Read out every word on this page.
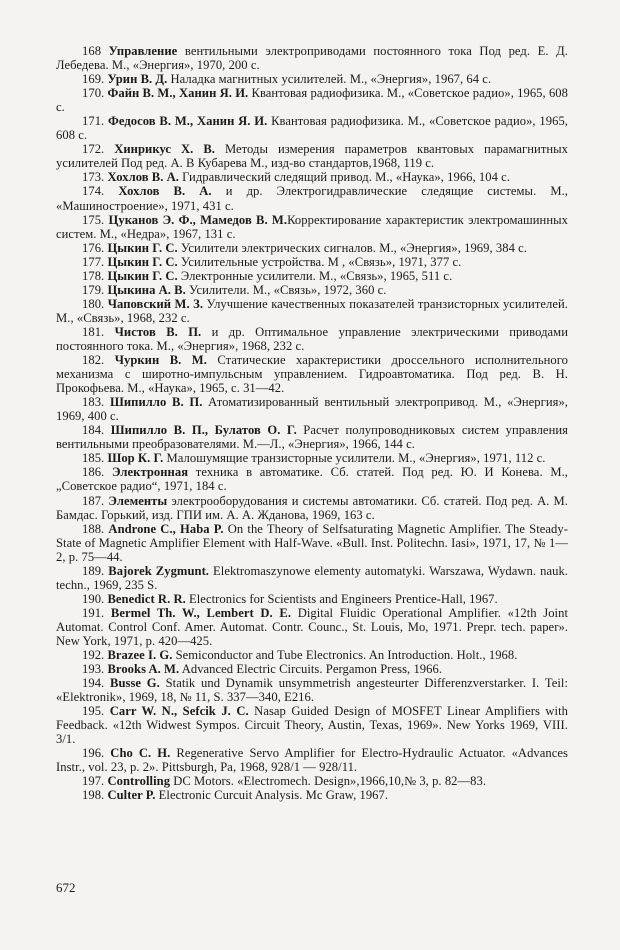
168 Управление вентильными электроприводами постоянного тока Под ред. Е. Д. Лебедева. М., «Энергия», 1970, 200 с.

169. Урин В. Д. Наладка магнитных усилителей. М., «Энергия», 1967, 64 с.

170. Файн В. М., Ханин Я. И. Квантовая радиофизика. М., «Советское радио», 1965, 608 с.

171. Федосов В. М., Ханин Я. И. Квантовая радиофизика. М., «Советское радио», 1965, 608 с.

172. Хинрикус Х. В. Методы измерения параметров квантовых парамагнитных усилителей Под ред. А. В Кубарева М., изд-во стандартов,1968, 119 с.

173. Хохлов В. А. Гидравлический следящий привод. М., «Наука», 1966, 104 с.

174. Хохлов В. А. и др. Электрогидравлические следящие системы. М., «Машиностроение», 1971, 431 с.

175. Цуканов Э. Ф., Мамедов В. М.Корректирование характеристик электромашинных систем. М., «Недра», 1967, 131 с.

176. Цыкин Г. С. Усилители электрических сигналов. М., «Энергия», 1969, 384 с.

177. Цыкин Г. С. Усилительные устройства. М , «Связь», 1971, 377 с.

178. Цыкин Г. С. Электронные усилители. М., «Связь», 1965, 511 с.

179. Цыкина А. В. Усилители. М., «Связь», 1972, 360 с.

180. Чаповский М. З. Улучшение качественных показателей транзисторных усилителей. М., «Связь», 1968, 232 с.

181. Чистов В. П. и др. Оптимальное управление электрическими приводами постоянного тока. М., «Энергия», 1968, 232 с.

182. Чуркин В. М. Статические характеристики дроссельного исполнительного механизма с широтно-импульсным управлением. Гидроавтоматика. Под ред. В. Н. Прокофьева. М., «Наука», 1965, с. 31—42.

183. Шипилло В. П. Атоматизированный вентильный электропривод. М., «Энергия», 1969, 400 с.

184. Шипилло В. П., Булатов О. Г. Расчет полупроводниковых систем управления вентильными преобразователями. М.—Л., «Энергия», 1966, 144 с.

185. Шор К. Г. Малошумящие транзисторные усилители. М., «Энергия», 1971, 112 с.

186. Электронная техника в автоматике. Сб. статей. Под ред. Ю. И Конева. М., „Советское радио“, 1971, 184 с.

187. Элементы электрооборудования и системы автоматики. Сб. статей. Под ред. А. М. Бамдас. Горький, изд. ГПИ им. А. А. Жданова, 1969, 163 с.

188. Androne C., Haba P. On the Theory of Selfsaturating Magnetic Amplifier. The Steady-State of Magnetic Amplifier Element with Half-Wave. «Bull. Inst. Politechn. Iasi», 1971, 17, № 1—2, p. 75—44.

189. Bajorek Zygmunt. Elektromaszynowe elementy automatyki. Warszawa, Wydawn. nauk. techn., 1969, 235 S.

190. Benedict R. R. Electronics for Scientists and Engineers Prentice-Hall, 1967.

191. Bermel Th. W., Lembert D. E. Digital Fluidic Operational Amplifier. «12th Joint Automat. Control Conf. Amer. Automat. Contr. Counc., St. Louis, Mo, 1971. Prepr. tech. paper». New York, 1971, p. 420—425.

192. Brazee I. G. Semiconductor and Tube Electronics. An Introduction. Holt., 1968.

193. Brooks A. M. Advanced Electric Circuits. Pergamon Press, 1966.

194. Busse G. Statik und Dynamik unsymmetrish angesteurter Differenzverstarker. I. Teil: «Elektronik», 1969, 18, № 11, S. 337—340, E216.

195. Carr W. N., Sefcik J. C. Nasap Guided Design of MOSFET Linear Amplifiers with Feedback. «12th Widwest Sympos. Circuit Theory, Austin, Texas, 1969». New Yorks 1969, VIII. 3/1.

196. Cho C. H. Regenerative Servo Amplifier for Electro-Hydraulic Actuator. «Advances Instr., vol. 23, p. 2». Pittsburgh, Pa, 1968, 928/1 — 928/11.

197. Controlling DC Motors. «Electromech. Design»,1966,10,№ 3, p. 82—83.

198. Culter P. Electronic Curcuit Analysis. Mc Graw, 1967.

672
